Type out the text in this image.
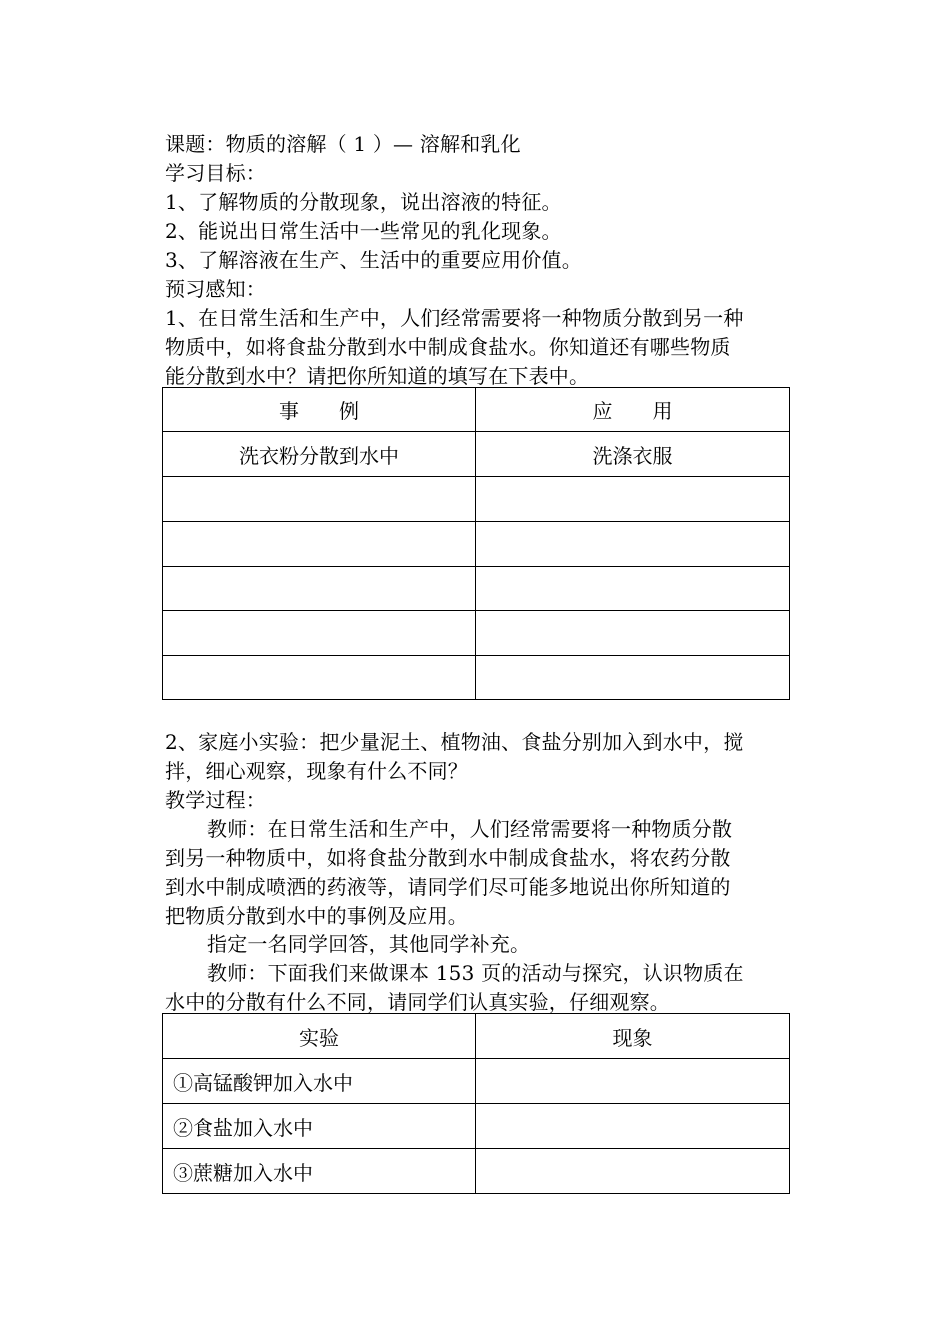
课题：物质的溶解（ 1 ）— 溶解和乳化
学习目标：
1、了解物质的分散现象，说出溶液的特征。
2、能说出日常生活中一些常见的乳化现象。
3、了解溶液在生产、生活中的重要应用价值。
预习感知：
1、在日常生活和生产中，人们经常需要将一种物质分散到另一种
物质中，如将食盐分散到水中制成食盐水。你知道还有哪些物质
能分散到水中？请把你所知道的填写在下表中。
事　　例	应　　用
洗衣粉分散到水中	洗涤衣服

2、家庭小实验：把少量泥土、植物油、食盐分别加入到水中，搅
拌，细心观察，现象有什么不同？
教学过程：
教师：在日常生活和生产中，人们经常需要将一种物质分散
到另一种物质中，如将食盐分散到水中制成食盐水，将农药分散
到水中制成喷洒的药液等，请同学们尽可能多地说出你所知道的
把物质分散到水中的事例及应用。
指定一名同学回答，其他同学补充。
教师：下面我们来做课本 153 页的活动与探究，认识物质在
水中的分散有什么不同，请同学们认真实验，仔细观察。
实验	现象
①高锰酸钾加入水中	
②食盐加入水中	
③蔗糖加入水中	
